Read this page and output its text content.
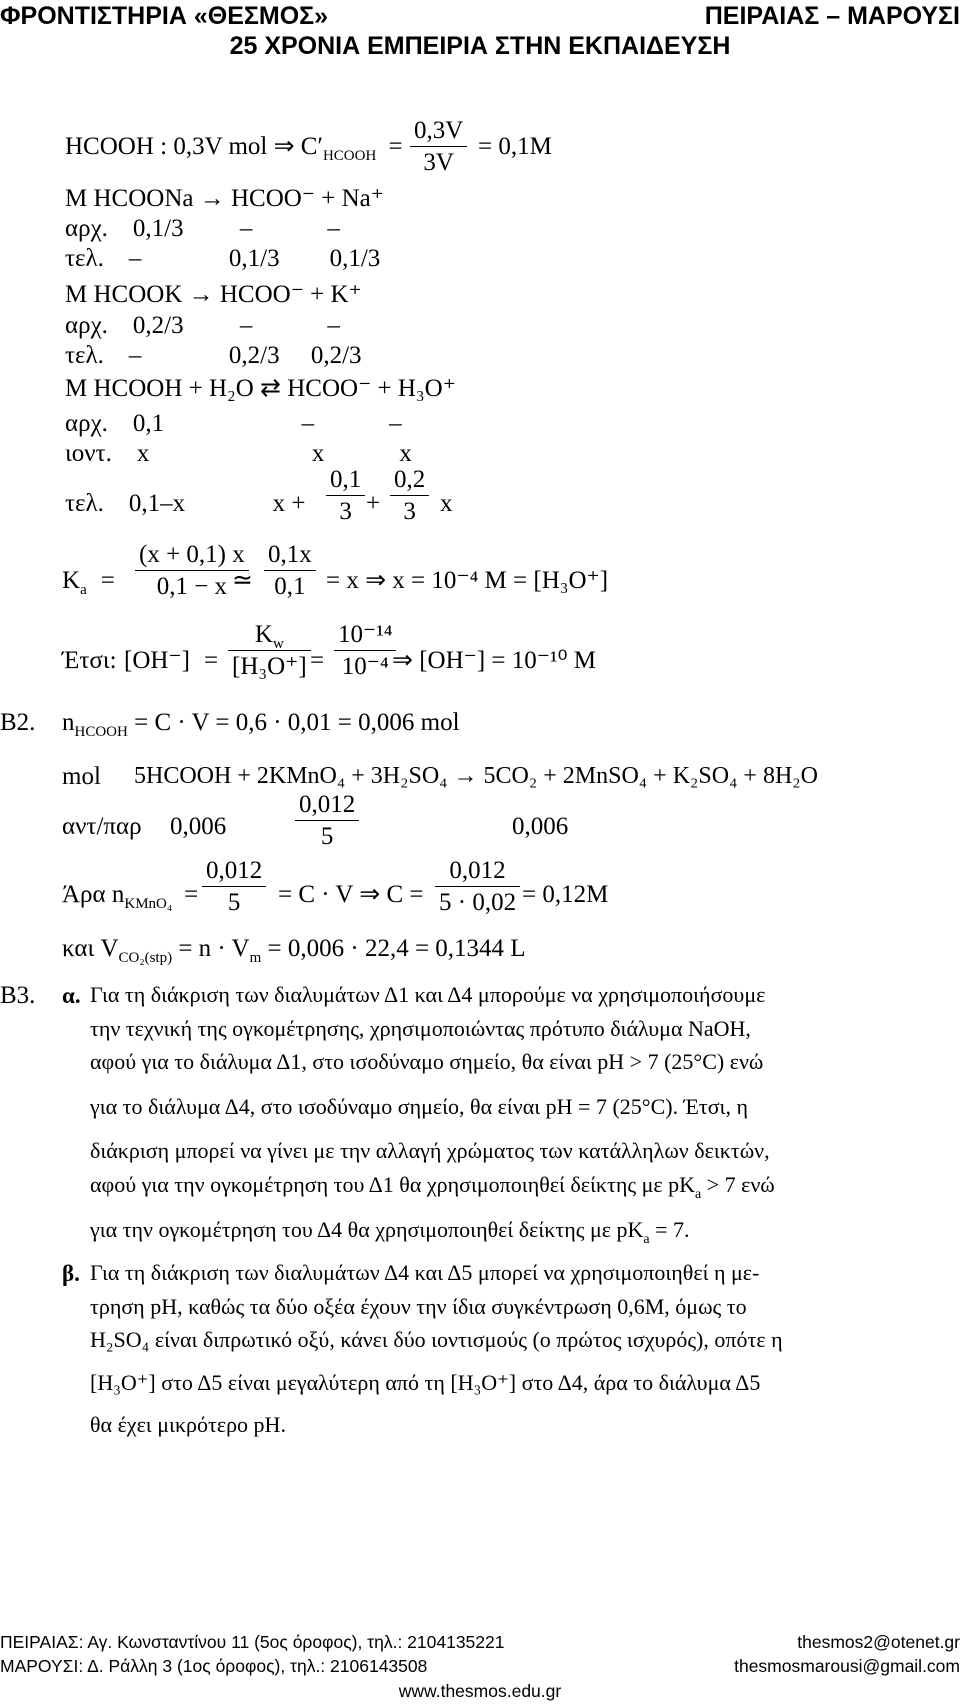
ΦΡΟΝΤΙΣΤΗΡΙΑ «ΘΕΣΜΟΣ»	ΠΕΙΡΑΙΑΣ – ΜΑΡΟΥΣΙ
25 ΧΡΟΝΙΑ ΕΜΠΕΙΡΙΑ ΣΤΗΝ ΕΚΠΑΙΔΕΥΣΗ
HCOOH : 0,3V mol ⇒ $C'_{HCOOH}$ =
0,3V
3V
= 0,1M
M HCOONa → HCOO⁻ + Na⁺
αρχ.    0,1/3         –            –
τελ.    –              0,1/3        0,1/3
M HCOOK → HCOO⁻ + K⁺
αρχ.    0,2/3         –            –
τελ.    –              0,2/3     0,2/3
M HCOOH + H₂O ⇄ HCOO⁻ + H₃O⁺
αρχ.    0,1                      –            –
ιοντ.    x                          x            x
τελ.    0,1–x              x +
0,1
3 +
0,2
3 x
$K_a$ =
(x + 0,1) x
0,1 − x ≃
0,1x
0,1 = x ⇒ x = 10⁻⁴ M = [H₃O⁺]
Έτσι: [OH⁻] =
$K_w$
[H₃O⁺] =
10⁻¹⁴
10⁻⁴ ⇒ [OH⁻] = 10⁻¹⁰ M
Β2. $n_{HCOOH} = C \cdot V = 0,6 \cdot 0,01 = 0,006$ mol
mol 5HCOOH + 2KMnO₄ + 3H₂SO₄ → 5CO₂ + 2MnSO₄ + K₂SO₄ + 8H₂O
αντ/παρ 0,006
0,012
5	0,006
Άρα $n_{KMnO_4}$ =
0,012
5 = C · V ⇒ C =
0,012
5 · 0,02 = 0,12M
και $V_{CO_2(stp)} = n \cdot V_m = 0,006 \cdot 22,4 = 0,1344$ L
Β3. α. Για τη διάκριση των διαλυμάτων Δ1 και Δ4 μπορούμε να χρησιμοποιήσουμε
την τεχνική της ογκομέτρησης, χρησιμοποιώντας πρότυπο διάλυμα NaOH,
αφού για το διάλυμα Δ1, στο ισοδύναμο σημείο, θα είναι pH > 7 (25°C) ενώ
για το διάλυμα Δ4, στο ισοδύναμο σημείο, θα είναι pH = 7 (25°C). Έτσι, η
διάκριση μπορεί να γίνει με την αλλαγή χρώματος των κατάλληλων δεικτών,
αφού για την ογκομέτρηση του Δ1 θα χρησιμοποιηθεί δείκτης με $pK_a > 7$ ενώ
για την ογκομέτρηση του Δ4 θα χρησιμοποιηθεί δείκτης με $pK_a = 7$.
β. Για τη διάκριση των διαλυμάτων Δ4 και Δ5 μπορεί να χρησιμοποιηθεί η με-
τρηση pH, καθώς τα δύο οξέα έχουν την ίδια συγκέντρωση 0,6M, όμως το
H₂SO₄ είναι διπρωτικό οξύ, κάνει δύο ιοντισμούς (ο πρώτος ισχυρός), οπότε η
[H₃O⁺] στο Δ5 είναι μεγαλύτερη από τη [H₃O⁺] στο Δ4, άρα το διάλυμα Δ5
θα έχει μικρότερο pH.
ΠΕΙΡΑΙΑΣ: Αγ. Κωνσταντίνου 11 (5ος όροφος), τηλ.: 2104135221	thesmos2@otenet.gr
ΜΑΡΟΥΣΙ: Δ. Ράλλη 3 (1ος όροφος), τηλ.: 2106143508	thesmosmarousi@gmail.com
www.thesmos.edu.gr
